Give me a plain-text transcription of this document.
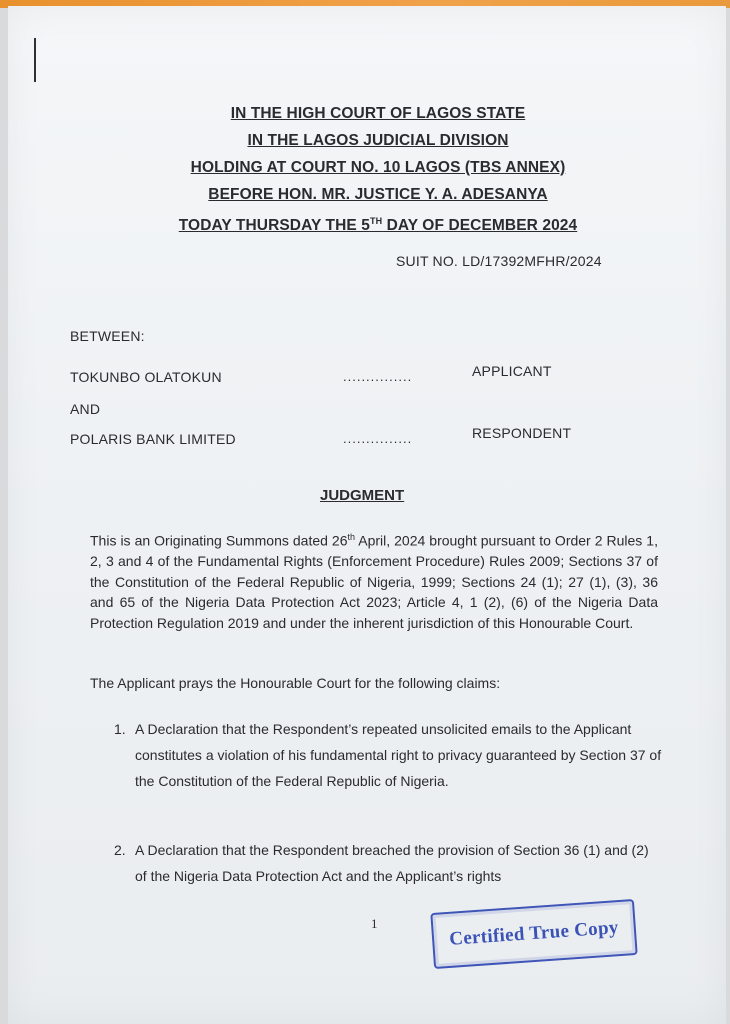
IN THE HIGH COURT OF LAGOS STATE
IN THE LAGOS JUDICIAL DIVISION
HOLDING AT COURT NO. 10 LAGOS (TBS ANNEX)
BEFORE HON. MR. JUSTICE Y. A. ADESANYA
TODAY THURSDAY THE 5TH DAY OF DECEMBER 2024
SUIT NO. LD/17392MFHR/2024
BETWEEN:
TOKUNBO OLATOKUN	...............	APPLICANT
AND
POLARIS BANK LIMITED	...............	RESPONDENT
JUDGMENT
This is an Originating Summons dated 26th April, 2024 brought pursuant to Order 2 Rules 1, 2, 3 and 4 of the Fundamental Rights (Enforcement Procedure) Rules 2009; Sections 37 of the Constitution of the Federal Republic of Nigeria, 1999; Sections 24 (1); 27 (1), (3), 36 and 65 of the Nigeria Data Protection Act 2023; Article 4, 1 (2), (6) of the Nigeria Data Protection Regulation 2019 and under the inherent jurisdiction of this Honourable Court.
The Applicant prays the Honourable Court for the following claims:
1. A Declaration that the Respondent’s repeated unsolicited emails to the Applicant constitutes a violation of his fundamental right to privacy guaranteed by Section 37 of the Constitution of the Federal Republic of Nigeria.
2. A Declaration that the Respondent breached the provision of Section 36 (1) and (2) of the Nigeria Data Protection Act and the Applicant’s rights
1	Certified True Copy
